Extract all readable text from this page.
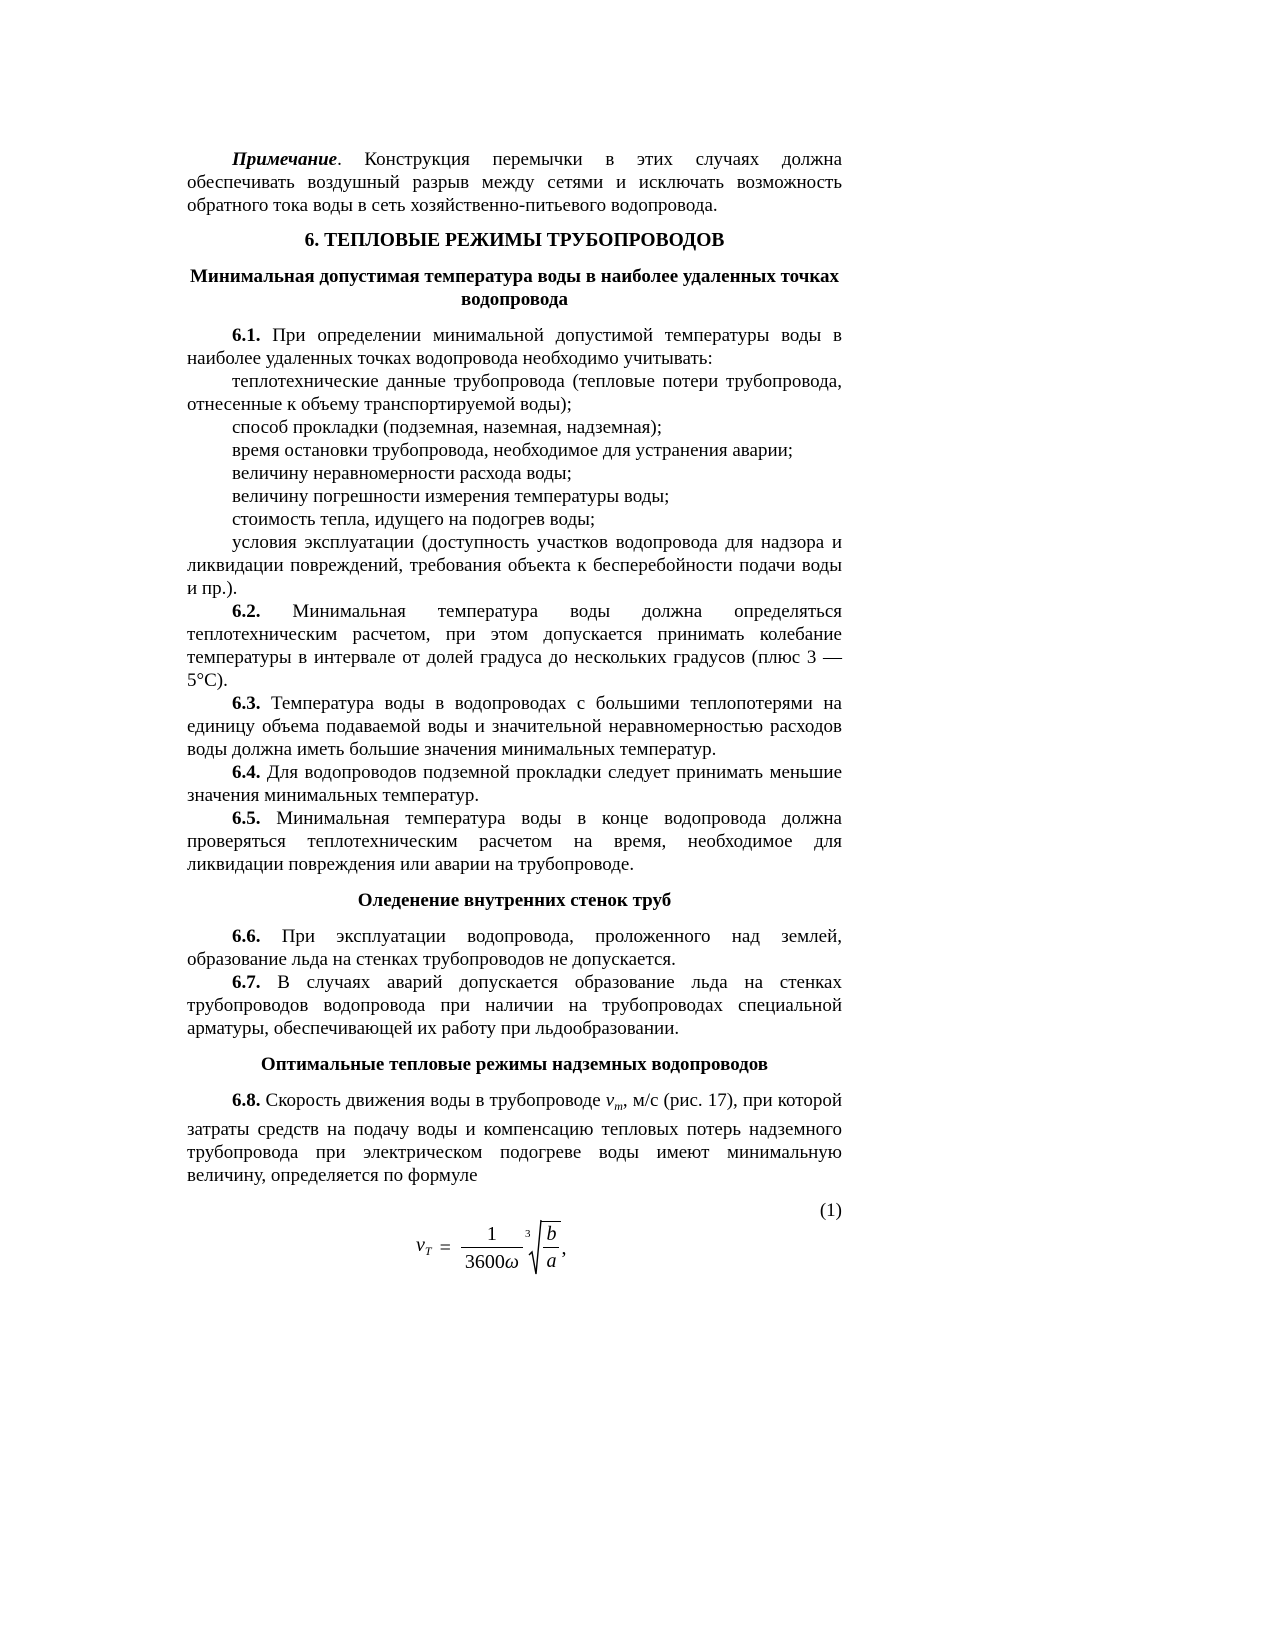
Примечание. Конструкция перемычки в этих случаях должна обеспечивать воздушный разрыв между сетями и исключать возможность обратного тока воды в сеть хозяйственно-питьевого водопровода.

6. ТЕПЛОВЫЕ РЕЖИМЫ ТРУБОПРОВОДОВ
Минимальная допустимая температура воды в наиболее удаленных точках водопровода

6.1. При определении минимальной допустимой температуры воды в наиболее удаленных точках водопровода необходимо учитывать:

теплотехнические данные трубопровода (тепловые потери трубопровода, отнесенные к объему транспортируемой воды);

способ прокладки (подземная, наземная, надземная);

время остановки трубопровода, необходимое для устранения аварии;

величину неравномерности расхода воды;

величину погрешности измерения температуры воды;

стоимость тепла, идущего на подогрев воды;

условия эксплуатации (доступность участков водопровода для надзора и ликвидации повреждений, требования объекта к бесперебойности подачи воды и пр.).

6.2. Минимальная температура воды должна определяться теплотехническим расчетом, при этом допускается принимать колебание температуры в интервале от долей градуса до нескольких градусов (плюс 3 — 5°С).

6.3. Температура воды в водопроводах с большими теплопотерями на единицу объема подаваемой воды и значительной неравномерностью расходов воды должна иметь большие значения минимальных температур.

6.4. Для водопроводов подземной прокладки следует принимать меньшие значения минимальных температур.

6.5. Минимальная температура воды в конце водопровода должна проверяться теплотехническим расчетом на время, необходимое для ликвидации повреждения или аварии на трубопроводе.

Оледенение внутренних стенок труб

6.6. При эксплуатации водопровода, проложенного над землей, образование льда на стенках трубопроводов не допускается.

6.7. В случаях аварий допускается образование льда на стенках трубопроводов водопровода при наличии на трубопроводах специальной арматуры, обеспечивающей их работу при льдообразовании.

Оптимальные тепловые режимы надземных водопроводов

6.8. Скорость движения воды в трубопроводе $v_т$, м/с (рис. 17), при которой затраты средств на подачу воды и компенсацию тепловых потерь надземного трубопровода при электрическом подогреве воды имеют минимальную величину, определяется по формуле

(1)
$v_T = \frac{1}{3600\omega} 3 \frac{b}{a}$ ,
